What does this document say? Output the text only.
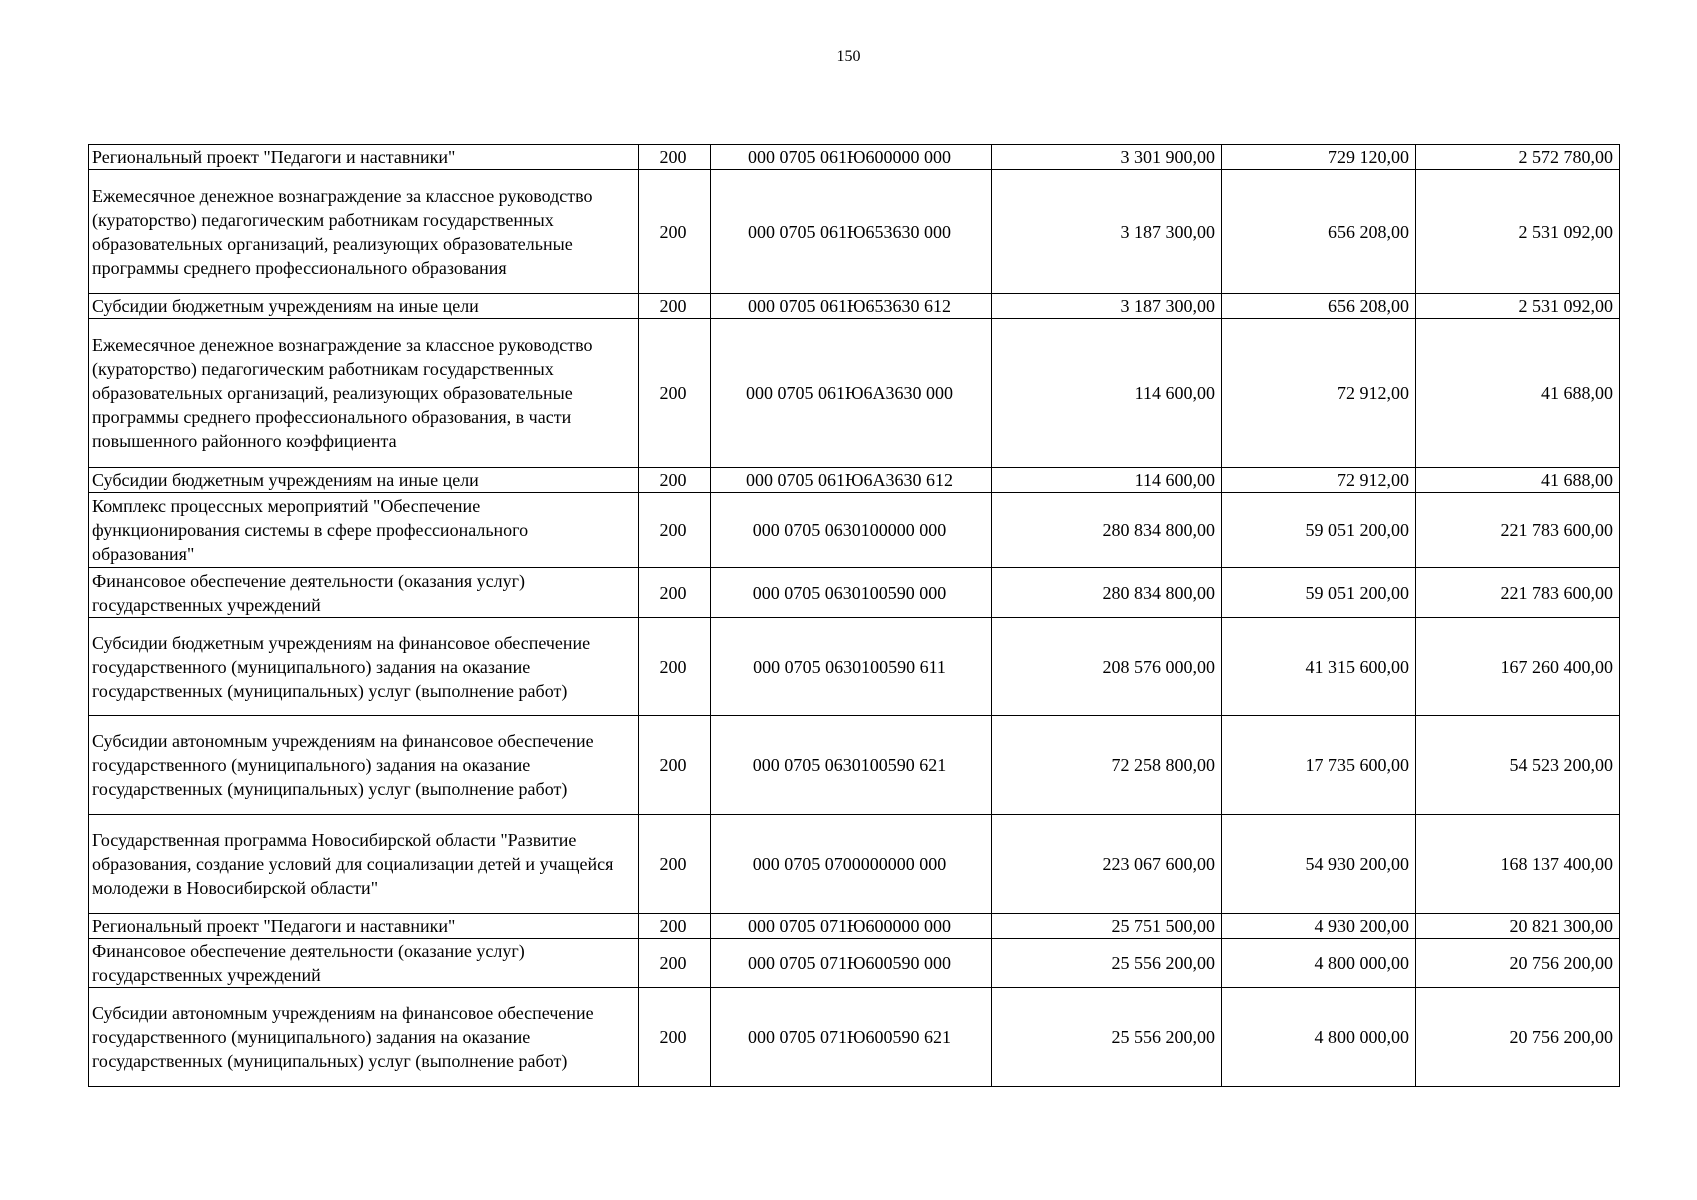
150
Региональный проект "Педагоги и наставники"	200	000 0705 061Ю600000 000	3 301 900,00	729 120,00	2 572 780,00
Ежемесячное денежное вознаграждение за классное руководство (кураторство) педагогическим работникам государственных образовательных организаций, реализующих образовательные программы среднего профессионального образования	200	000 0705 061Ю653630 000	3 187 300,00	656 208,00	2 531 092,00
Субсидии бюджетным учреждениям на иные цели	200	000 0705 061Ю653630 612	3 187 300,00	656 208,00	2 531 092,00
Ежемесячное денежное вознаграждение за классное руководство (кураторство) педагогическим работникам государственных образовательных организаций, реализующих образовательные программы среднего профессионального образования, в части повышенного районного коэффициента	200	000 0705 061Ю6А3630 000	114 600,00	72 912,00	41 688,00
Субсидии бюджетным учреждениям на иные цели	200	000 0705 061Ю6А3630 612	114 600,00	72 912,00	41 688,00
Комплекс процессных мероприятий "Обеспечение функционирования системы в сфере профессионального образования"	200	000 0705 0630100000 000	280 834 800,00	59 051 200,00	221 783 600,00
Финансовое обеспечение деятельности (оказания услуг) государственных учреждений	200	000 0705 0630100590 000	280 834 800,00	59 051 200,00	221 783 600,00
Субсидии бюджетным учреждениям на финансовое обеспечение государственного (муниципального) задания на оказание государственных (муниципальных) услуг (выполнение работ)	200	000 0705 0630100590 611	208 576 000,00	41 315 600,00	167 260 400,00
Субсидии автономным учреждениям на финансовое обеспечение государственного (муниципального) задания на оказание государственных (муниципальных) услуг (выполнение работ)	200	000 0705 0630100590 621	72 258 800,00	17 735 600,00	54 523 200,00
Государственная программа Новосибирской области "Развитие образования, создание условий для социализации детей и учащейся молодежи в Новосибирской области"	200	000 0705 0700000000 000	223 067 600,00	54 930 200,00	168 137 400,00
Региональный проект "Педагоги и наставники"	200	000 0705 071Ю600000 000	25 751 500,00	4 930 200,00	20 821 300,00
Финансовое обеспечение деятельности (оказание услуг) государственных учреждений	200	000 0705 071Ю600590 000	25 556 200,00	4 800 000,00	20 756 200,00
Субсидии автономным учреждениям на финансовое обеспечение государственного (муниципального) задания на оказание государственных (муниципальных) услуг (выполнение работ)	200	000 0705 071Ю600590 621	25 556 200,00	4 800 000,00	20 756 200,00
